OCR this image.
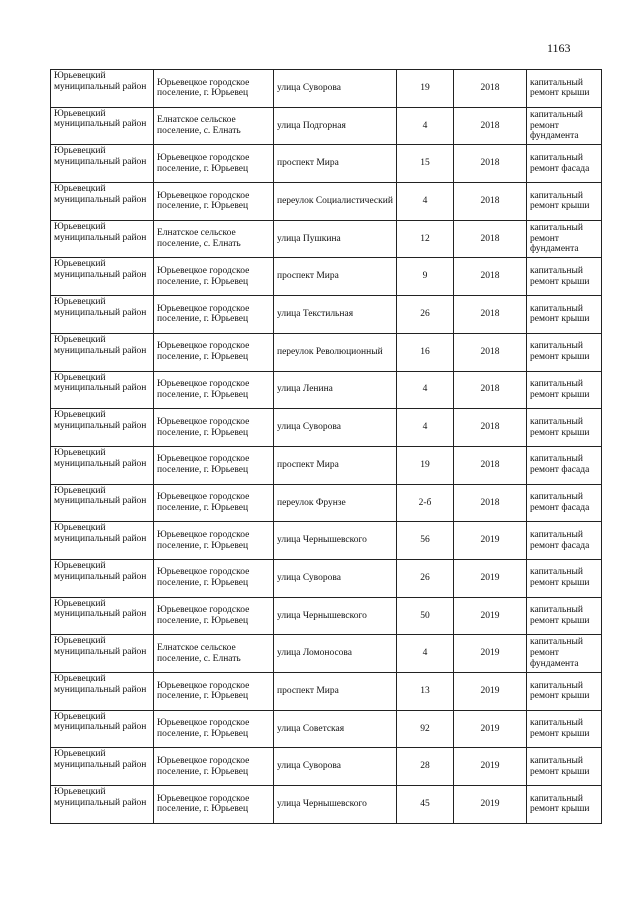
1163
Юрьевецкий муниципальный район	Юрьевецкое городское поселение, г. Юрьевец	улица Суворова	19	2018	капитальный ремонт крыши
Юрьевецкий муниципальный район	Елнатское сельское поселение, с. Елнать	улица Подгорная	4	2018	капитальный ремонт фундамента
Юрьевецкий муниципальный район	Юрьевецкое городское поселение, г. Юрьевец	проспект Мира	15	2018	капитальный ремонт фасада
Юрьевецкий муниципальный район	Юрьевецкое городское поселение, г. Юрьевец	переулок Социалистический	4	2018	капитальный ремонт крыши
Юрьевецкий муниципальный район	Елнатское сельское поселение, с. Елнать	улица Пушкина	12	2018	капитальный ремонт фундамента
Юрьевецкий муниципальный район	Юрьевецкое городское поселение, г. Юрьевец	проспект Мира	9	2018	капитальный ремонт крыши
Юрьевецкий муниципальный район	Юрьевецкое городское поселение, г. Юрьевец	улица Текстильная	26	2018	капитальный ремонт крыши
Юрьевецкий муниципальный район	Юрьевецкое городское поселение, г. Юрьевец	переулок Революционный	16	2018	капитальный ремонт крыши
Юрьевецкий муниципальный район	Юрьевецкое городское поселение, г. Юрьевец	улица Ленина	4	2018	капитальный ремонт крыши
Юрьевецкий муниципальный район	Юрьевецкое городское поселение, г. Юрьевец	улица Суворова	4	2018	капитальный ремонт крыши
Юрьевецкий муниципальный район	Юрьевецкое городское поселение, г. Юрьевец	проспект Мира	19	2018	капитальный ремонт фасада
Юрьевецкий муниципальный район	Юрьевецкое городское поселение, г. Юрьевец	переулок Фрунзе	2-б	2018	капитальный ремонт фасада
Юрьевецкий муниципальный район	Юрьевецкое городское поселение, г. Юрьевец	улица Чернышевского	56	2019	капитальный ремонт фасада
Юрьевецкий муниципальный район	Юрьевецкое городское поселение, г. Юрьевец	улица Суворова	26	2019	капитальный ремонт крыши
Юрьевецкий муниципальный район	Юрьевецкое городское поселение, г. Юрьевец	улица Чернышевского	50	2019	капитальный ремонт крыши
Юрьевецкий муниципальный район	Елнатское сельское поселение, с. Елнать	улица Ломоносова	4	2019	капитальный ремонт фундамента
Юрьевецкий муниципальный район	Юрьевецкое городское поселение, г. Юрьевец	проспект Мира	13	2019	капитальный ремонт крыши
Юрьевецкий муниципальный район	Юрьевецкое городское поселение, г. Юрьевец	улица Советская	92	2019	капитальный ремонт крыши
Юрьевецкий муниципальный район	Юрьевецкое городское поселение, г. Юрьевец	улица Суворова	28	2019	капитальный ремонт крыши
Юрьевецкий муниципальный район	Юрьевецкое городское поселение, г. Юрьевец	улица Чернышевского	45	2019	капитальный ремонт крыши
